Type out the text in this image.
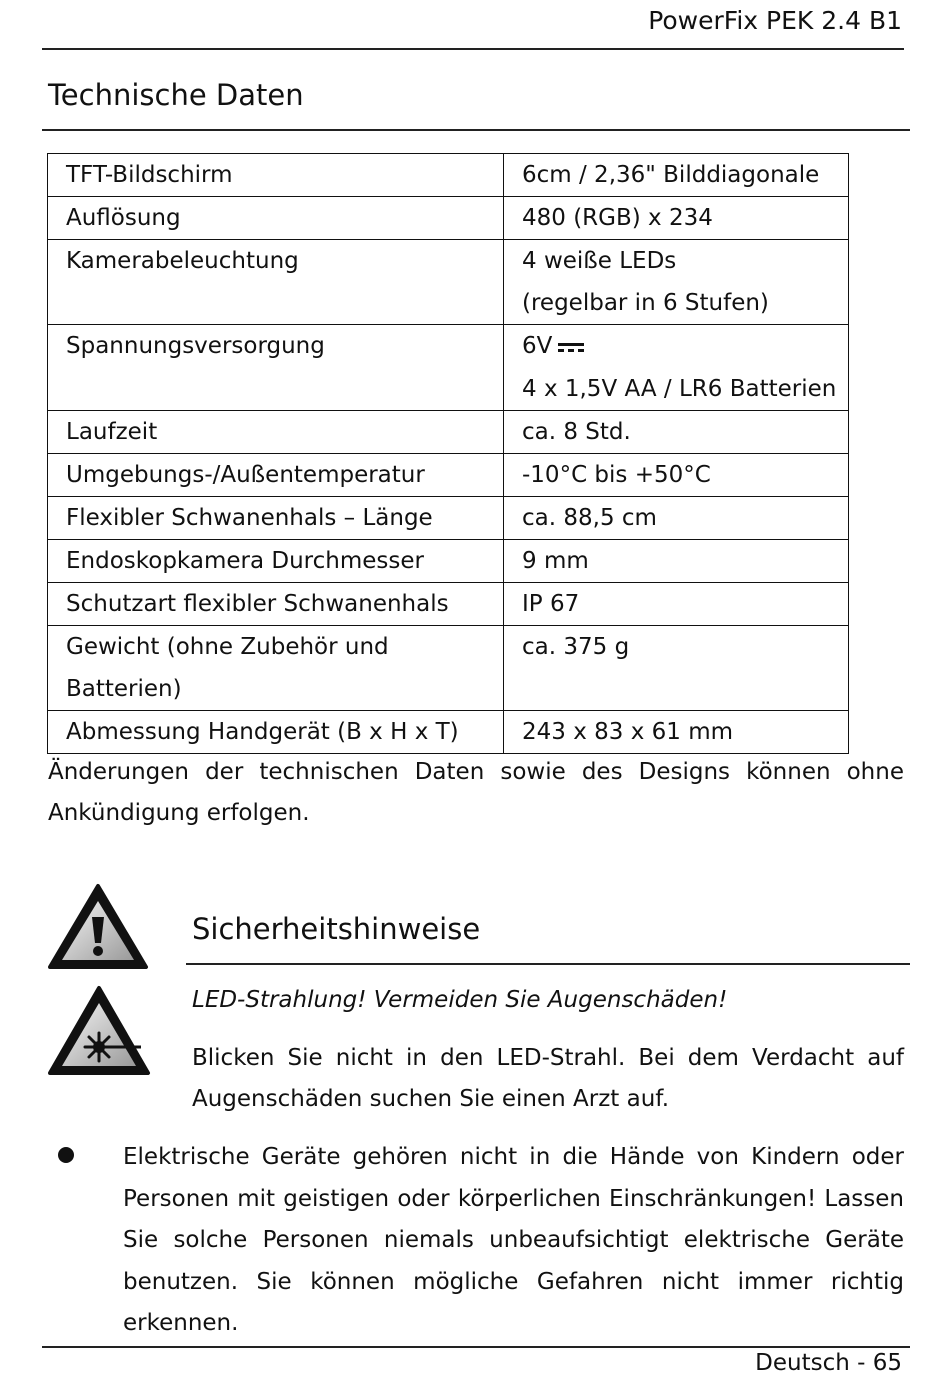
PowerFix PEK 2.4 B1
Technische Daten
TFT-Bildschirm	6cm / 2,36" Bilddiagonale

Auflösung	480 (RGB) x 234

Kamerabeleuchtung	4 weiße LEDs
(regelbar in 6 Stufen)

Spannungsversorgung	6V
4 x 1,5V AA / LR6 Batterien

Laufzeit	ca. 8 Std.

Umgebungs-/Außentemperatur	-10°C bis +50°C

Flexibler Schwanenhals – Länge	ca. 88,5 cm

Endoskopkamera Durchmesser	9 mm

Schutzart flexibler Schwanenhals	IP 67

Gewicht (ohne Zubehör und Batterien)	ca. 375 g

Abmessung Handgerät (B x H x T)	243 x 83 x 61 mm
Änderungen der technischen Daten sowie des Designs können ohne Ankündigung erfolgen.
Sicherheitshinweise
LED-Strahlung! Vermeiden Sie Augenschäden!
Blicken Sie nicht in den LED-Strahl. Bei dem Verdacht auf Augenschäden suchen Sie einen Arzt auf.
Elektrische Geräte gehören nicht in die Hände von Kindern oder Personen mit geistigen oder körperlichen Einschränkungen! Lassen Sie solche Personen niemals unbeaufsichtigt elektrische Geräte benutzen. Sie können mögliche Gefahren nicht immer richtig erkennen.
Deutsch - 65
